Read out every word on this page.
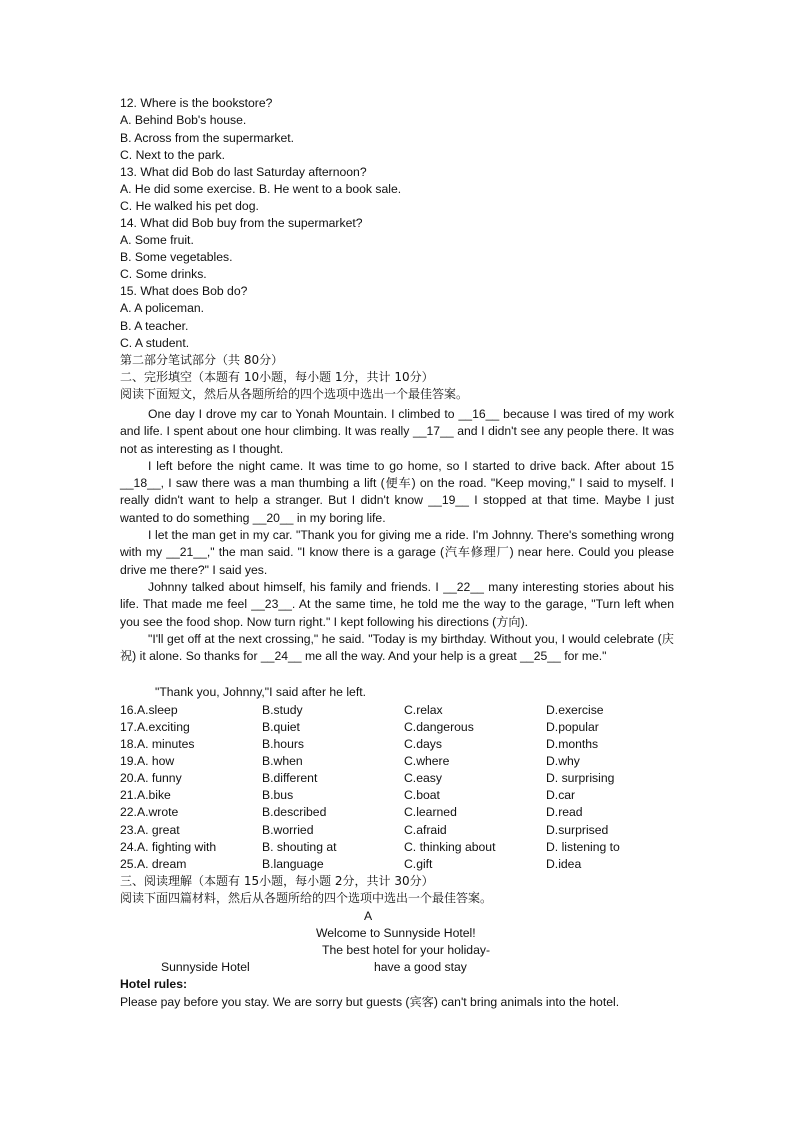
12. Where is the bookstore?
A. Behind Bob's house.
B. Across from the supermarket.
C. Next to the park.
13. What did Bob do last Saturday afternoon?
A. He did some exercise. B. He went to a book sale.
C. He walked his pet dog.
14. What did Bob buy from the supermarket?
A. Some fruit.
B. Some vegetables.
C. Some drinks.
15. What does Bob do?
A. A policeman.
B. A teacher.
C. A student.
第二部分笔试部分（共 80分）
二、完形填空（本题有 10小题，每小题 1分，共计 10分）
阅读下面短文，然后从各题所给的四个选项中选出一个最佳答案。

One day I drove my car to Yonah Mountain. I climbed to __16__ because I was tired of my work and life. I spent about one hour climbing. It was really __17__ and I didn't see any people there. It was not as interesting as I thought.

I left before the night came. It was time to go home, so I started to drive back. After about 15 __18__, I saw there was a man thumbing a lift (便车) on the road. "Keep moving," I said to myself. I really didn't want to help a stranger. But I didn't know __19__ I stopped at that time. Maybe I just wanted to do something __20__ in my boring life.

I let the man get in my car. "Thank you for giving me a ride. I'm Johnny. There's something wrong with my __21__," the man said. "I know there is a garage (汽车修理厂) near here. Could you please drive me there?" I said yes.

Johnny talked about himself, his family and friends. I __22__ many interesting stories about his life. That made me feel __23__. At the same time, he told me the way to the garage, "Turn left when you see the food shop. Now turn right." I kept following his directions (方向).

"I'll get off at the next crossing," he said. "Today is my birthday. Without you, I would celebrate (庆祝) it alone. So thanks for __24__ me all the way. And your help is a great __25__ for me."

"Thank you, Johnny,"I said after he left.
16.A.sleep	B.study	C.relax	D.exercise
17.A.exciting	B.quiet	C.dangerous	D.popular
18.A. minutes	B.hours	C.days	D.months
19.A. how	B.when	C.where	D.why
20.A. funny	B.different	C.easy	D. surprising
21.A.bike	B.bus	C.boat	D.car
22.A.wrote	B.described	C.learned	D.read
23.A. great	B.worried	C.afraid	D.surprised
24.A. fighting with	B. shouting at	C. thinking about	D. listening to
25.A. dream	B.language	C.gift	D.idea
三、阅读理解（本题有 15小题，每小题 2分，共计 30分）
阅读下面四篇材料，然后从各题所给的四个选项中选出一个最佳答案。
A
Welcome to Sunnyside Hotel!
The best hotel for your holiday-
Sunnyside Hotel	have a good stay
Hotel rules:
Please pay before you stay. We are sorry but guests (宾客) can't bring animals into the hotel.
